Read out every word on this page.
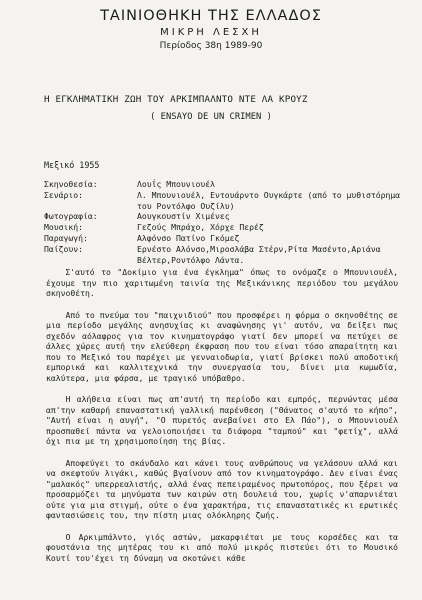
ΤΑΙΝΙΟΘΗΚΗ ΤΗΣ ΕΛΛΑΔΟΣ
ΜΙΚΡΗ ΛΕΣΧΗ
Περίοδος 38η 1989-90
Η ΕΓΚΛΗΜΑΤΙΚΗ ΖΩΗ ΤΟΥ ΑΡΚΙΜΠΑΛΝΤΟ ΝΤΕ ΛΑ ΚΡΟΥΖ
( ENSAYO DE UN CRIMEN )
Μεξικό 1955
Σκηνοθεσία:	Λουΐς Μπουνιουέλ
Σενάριο:	Λ. Μπουνιουέλ, Εντουάρντο Ουγκάρτε (από το μυθιστόρημα του Ροντόλφο Ουζίλυ)
Φωτογραφία:	Αουγκουστίν Χιμένες
Μουσική:	Γεζούς Μπράχο, Χόρχε Περέζ
Παραγωγή:	Αλφόνσο Πατίνο Γκόμεζ
Παίζουν:	Ερνέστο Αλόνσο,Μιροσλάβα Στέρν,Ρίτα Μασέντο,Αριάνα Βέλτερ,Ροντόλφο Λάντα.

Σ'αυτό το "Δοκίμιο για ένα έγκλημα" όπως το ονόμαζε ο Μπουνιουέλ, έχουμε την πιο χαριτωμένη ταινία της Μεξικάνικης περιόδου του μεγάλου σκηνοθέτη.

Από το πνεύμα του "παιχνιδιού" που προσφέρει η φόρμα ο σκηνοθέτης σε μια περίοδο μεγάλης ανησυχίας κι αναφώνησης γι' αυτόν, να δείξει πως σχεδόν αόλαφρος για τον κινηματογράφο γιατί δεν μπορεί να πετύχει σε άλλες χώρες αυτή την ελεύθερη έκφραση που του είναι τόσο απαραίτητη και που το Μεξικό του παρέχει με γενναιοδωρία, γιατί βρίσκει πολύ αποδοτική εμπορικά και καλλιτεχνικά την συνεργασία του, δίνει μια κωμωδία, καλύτερα, μια φάρσα, με τραγικό υπόβαθρο.

Η αλήθεια είναι πως απ'αυτή τη περίοδο και εμπρός, περνώντας μέσα απ'την καθαρή επαναστατική γαλλική παρένθεση ("Θάνατος σ'αυτό το κήπο", "Αυτή είναι η αυγή", "Ο πυρετός ανεβαίνει στο Ελ Πάο"), ο Μπουνιουέλ προσπαθεί πάντα να γελοιοποιήσει τα διάφορα "ταμπού" και "φετίχ", αλλά όχι πια με τη χρησιμοποίηση της βίας.

Αποφεύγει το σκάνδαλο και κάνει τους ανθρώπους να γελάσουν αλλά και να σκεφτούν λιγάκι, καθώς βγαίνουν από τον κινηματογράφο. Δεν είναι ένας "μαλακός" υπερρεαλιστής, αλλά ένας πεπειραμένος πρωτοπόρος, που ξέρει να προσαρμόζει τα μηνύματα των καιρών στη δουλειά του, χωρίς ν'απαρνιέται ούτε για μια στιγμή, ούτε ο ένα χαρακτήρα, τις επαναστατικές κι ερωτικές φαντασιώσεις του, την πίστη μιας ολόκληρης ζωής.

Ο Αρκιμπάλντο, γιός αστών, μακαρφιέται με τους κορσέδες και τα φουστάνια της μητέρας του κι από πολύ μικρός πιστεύει ότι το Μουσικό Κουτί του'έχει τη δύναμη να σκοτώνει κάθε
